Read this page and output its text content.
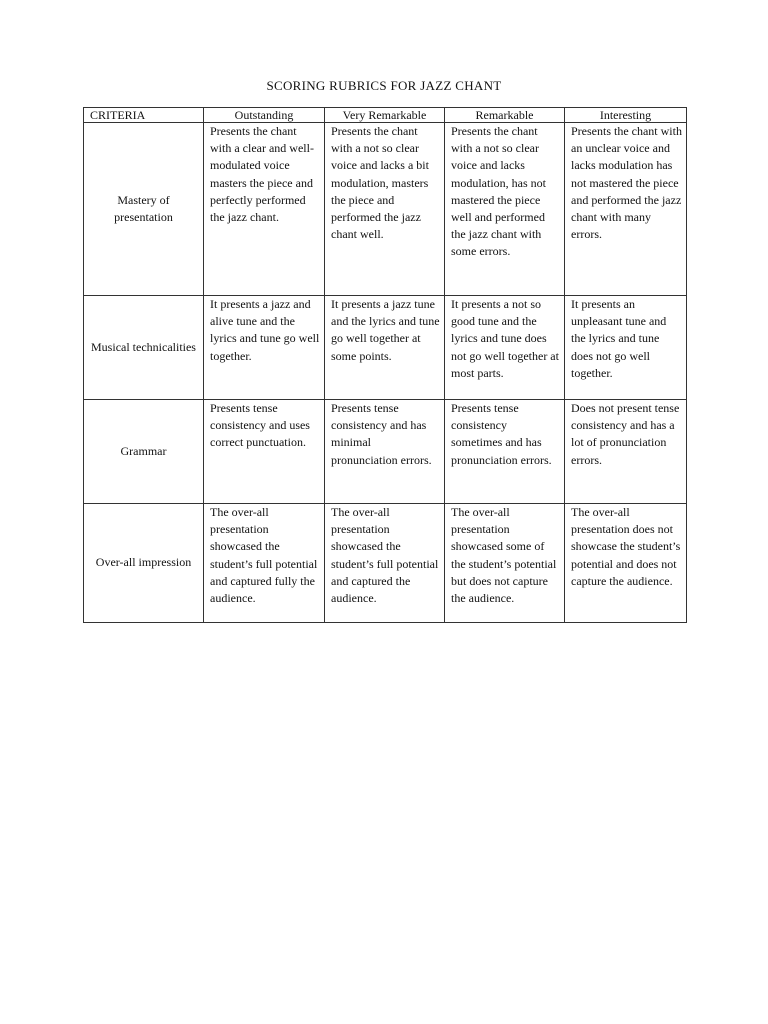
SCORING RUBRICS FOR JAZZ CHANT
CRITERIA	Outstanding	Very Remarkable	Remarkable	Interesting
Mastery of presentation	Presents the chant with a clear and well-modulated voice masters the piece and perfectly performed the jazz chant.	Presents the chant with a not so clear voice and lacks a bit modulation, masters the piece and performed the jazz chant well.	Presents the chant with a not so clear voice and lacks modulation, has not mastered the piece well and performed the jazz chant with some errors.	Presents the chant with an unclear voice and lacks modulation has not mastered the piece and performed the jazz chant with many errors.
Musical technicalities	It presents a jazz and alive tune and the lyrics and tune go well together.	It presents a jazz tune and the lyrics and tune go well together at some points.	It presents a not so good tune and the lyrics and tune does not go well together at most parts.	It presents an unpleasant tune and the lyrics and tune does not go well together.
Grammar	Presents tense consistency and uses correct punctuation.	Presents tense consistency and has minimal pronunciation errors.	Presents tense consistency sometimes and has pronunciation errors.	Does not present tense consistency and has a lot of pronunciation errors.
Over-all impression	The over-all presentation showcased the student’s full potential and captured fully the audience.	The over-all presentation showcased the student’s full potential and captured the audience.	The over-all presentation showcased some of the student’s potential but does not capture the audience.	The over-all presentation does not showcase the student’s potential and does not capture the audience.
